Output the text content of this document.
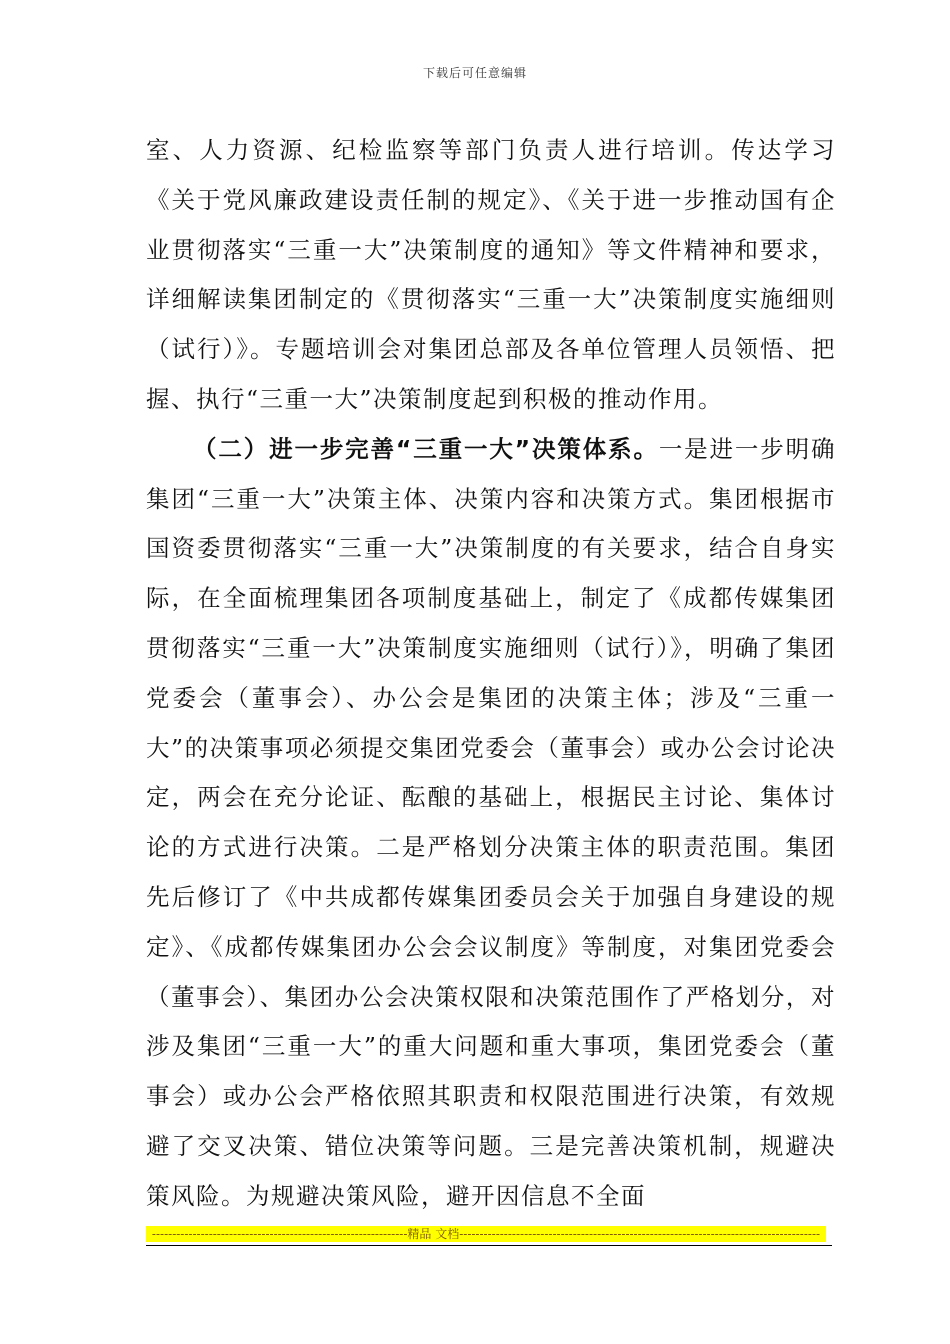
下载后可任意编辑

室、人力资源、纪检监察等部门负责人进行培训。传达学习《关于党风廉政建设责任制的规定》、《关于进一步推动国有企业贯彻落实“三重一大”决策制度的通知》等文件精神和要求，详细解读集团制定的《贯彻落实“三重一大”决策制度实施细则（试行）》。专题培训会对集团总部及各单位管理人员领悟、把握、执行“三重一大”决策制度起到积极的推动作用。

（二）进一步完善“三重一大”决策体系。一是进一步明确集团“三重一大”决策主体、决策内容和决策方式。集团根据市国资委贯彻落实“三重一大”决策制度的有关要求，结合自身实际，在全面梳理集团各项制度基础上，制定了《成都传媒集团贯彻落实“三重一大”决策制度实施细则（试行）》，明确了集团党委会（董事会）、办公会是集团的决策主体；涉及“三重一大”的决策事项必须提交集团党委会（董事会）或办公会讨论决定，两会在充分论证、酝酿的基础上，根据民主讨论、集体讨论的方式进行决策。二是严格划分决策主体的职责范围。集团先后修订了《中共成都传媒集团委员会关于加强自身建设的规定》、《成都传媒集团办公会会议制度》等制度，对集团党委会（董事会）、集团办公会决策权限和决策范围作了严格划分，对涉及集团“三重一大”的重大问题和重大事项，集团党委会（董事会）或办公会严格依照其职责和权限范围进行决策，有效规避了交叉决策、错位决策等问题。三是完善决策机制，规避决策风险。为规避决策风险，避开因信息不全面

---------------------------------------------------------------精品 文档-----------------------------------------------------------------------------------------
